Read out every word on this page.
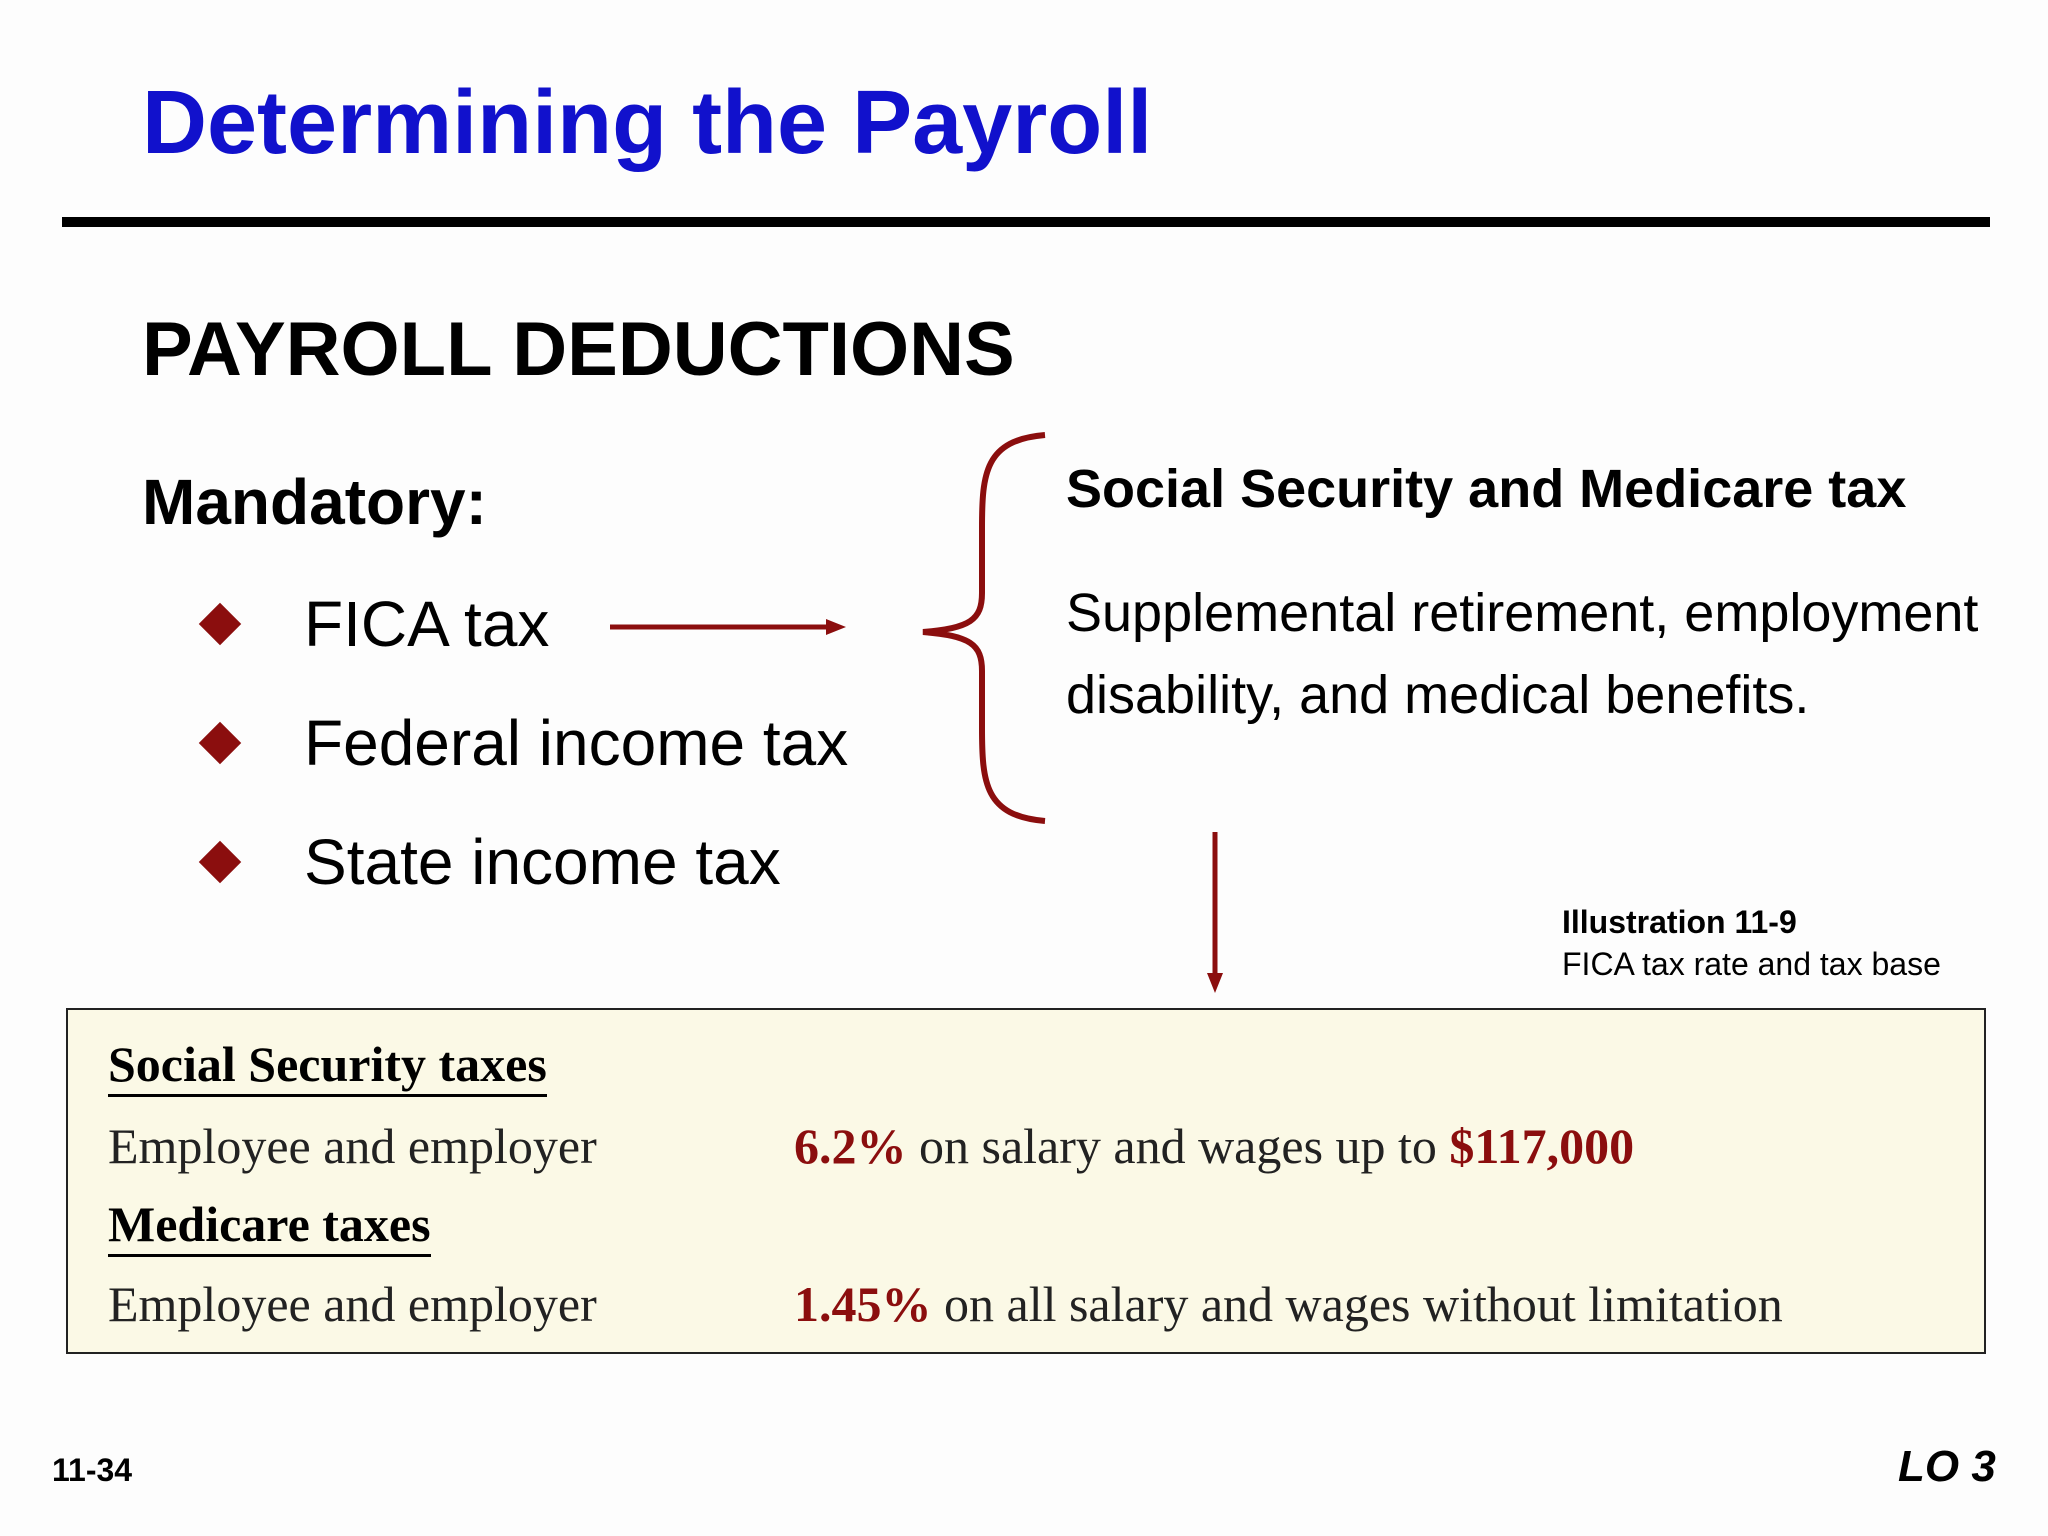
Determining the Payroll
PAYROLL DEDUCTIONS
Mandatory:
FICA tax
Federal income tax
State income tax
Social Security and Medicare tax
Supplemental retirement, employment disability, and medical benefits.
Illustration 11-9
FICA tax rate and tax base
Social Security taxes
Employee and employer	6.2% on salary and wages up to $117,000
Medicare taxes
Employee and employer	1.45% on all salary and wages without limitation
11-34	LO 3
